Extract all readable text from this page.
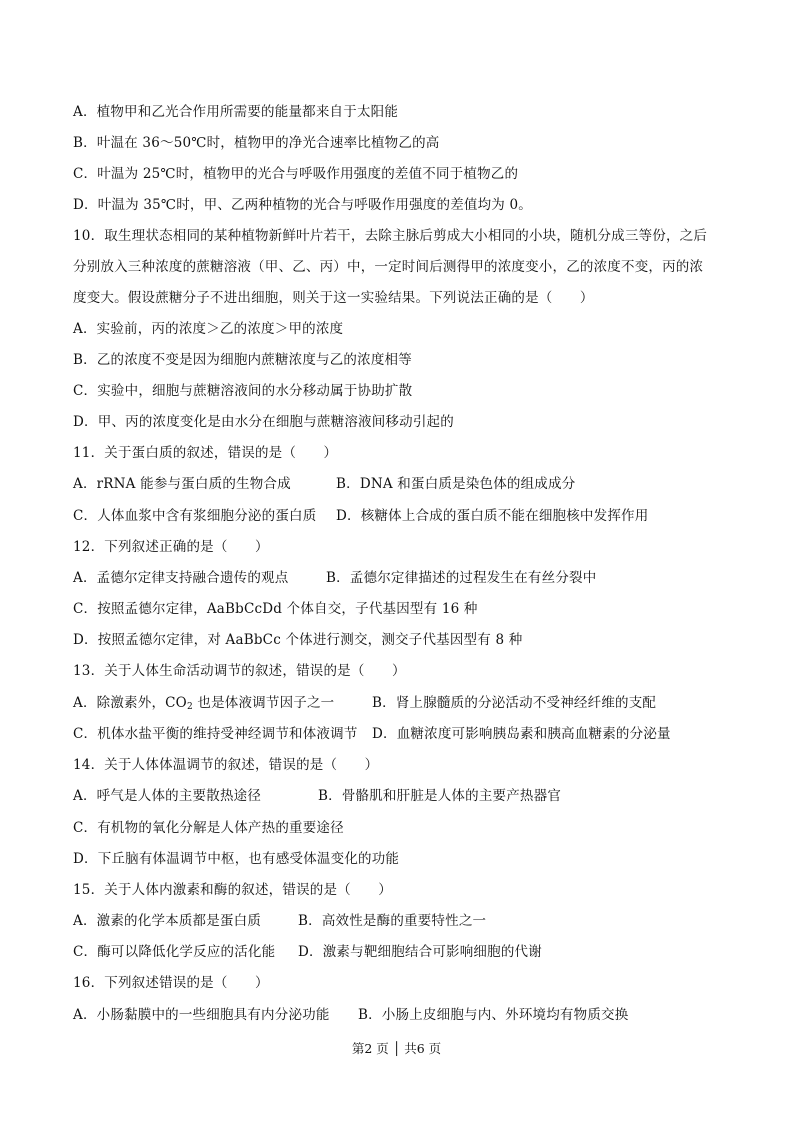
A．植物甲和乙光合作用所需要的能量都来自于太阳能
B．叶温在 36～50℃时，植物甲的净光合速率比植物乙的高
C．叶温为 25℃时，植物甲的光合与呼吸作用强度的差值不同于植物乙的
D．叶温为 35℃时，甲、乙两种植物的光合与呼吸作用强度的差值均为 0。
10．取生理状态相同的某种植物新鲜叶片若干，去除主脉后剪成大小相同的小块，随机分成三等份，之后
分别放入三种浓度的蔗糖溶液（甲、乙、丙）中，一定时间后测得甲的浓度变小，乙的浓度不变，丙的浓
度变大。假设蔗糖分子不进出细胞，则关于这一实验结果。下列说法正确的是（　　）
A．实验前，丙的浓度＞乙的浓度＞甲的浓度
B．乙的浓度不变是因为细胞内蔗糖浓度与乙的浓度相等
C．实验中，细胞与蔗糖溶液间的水分移动属于协助扩散
D．甲、丙的浓度变化是由水分在细胞与蔗糖溶液间移动引起的
11．关于蛋白质的叙述，错误的是（　　）
A．rRNA 能参与蛋白质的生物合成	B．DNA 和蛋白质是染色体的组成成分
C．人体血浆中含有浆细胞分泌的蛋白质 D．核糖体上合成的蛋白质不能在细胞核中发挥作用
12．下列叙述正确的是（　　）
A．孟德尔定律支持融合遗传的观点	B．孟德尔定律描述的过程发生在有丝分裂中
C．按照孟德尔定律，AaBbCcDd 个体自交，子代基因型有 16 种
D．按照孟德尔定律，对 AaBbCc 个体进行测交，测交子代基因型有 8 种
13．关于人体生命活动调节的叙述，错误的是（　　）
A．除激素外，$CO_2$ 也是体液调节因子之一	B．肾上腺髓质的分泌活动不受神经纤维的支配
C．机体水盐平衡的维持受神经调节和体液调节 D．血糖浓度可影响胰岛素和胰高血糖素的分泌量
14．关于人体体温调节的叙述，错误的是（　　）
A．呼气是人体的主要散热途径	B．骨骼肌和肝脏是人体的主要产热器官
C．有机物的氧化分解是人体产热的重要途径
D．下丘脑有体温调节中枢，也有感受体温变化的功能
15．关于人体内激素和酶的叙述，错误的是（　　）
A．激素的化学本质都是蛋白质	B．高效性是酶的重要特性之一
C．酶可以降低化学反应的活化能 D．激素与靶细胞结合可影响细胞的代谢
16．下列叙述错误的是（　　）
A．小肠黏膜中的一些细胞具有内分泌功能 B．小肠上皮细胞与内、外环境均有物质交换
第2 页 │ 共6 页
